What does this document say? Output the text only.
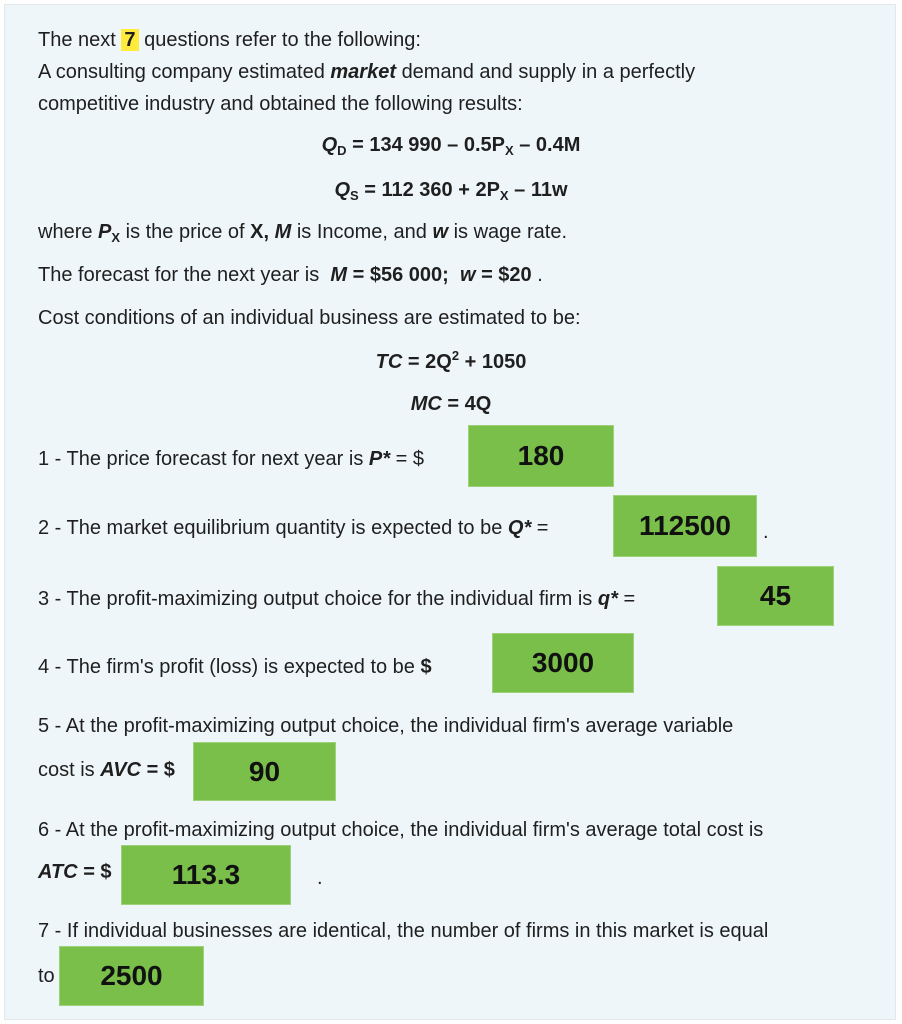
The next 7 questions refer to the following:
A consulting company estimated market demand and supply in a perfectly
competitive industry and obtained the following results:
$Q_D = 134$ $990 - 0.5P_X - 0.4M$
$Q_S = 112$ $360 + 2P_X - 11w$
where $P_X$ is the price of X, M is Income, and w is wage rate.
The forecast for the next year is M = $56 000; w = $20 .
Cost conditions of an individual business are estimated to be:
TC = $2Q^2 + 1050$
MC = 4Q
1 - The price forecast for next year is P* = $	180
2 - The market equilibrium quantity is expected to be Q* =	112500	.
3 - The profit-maximizing output choice for the individual firm is q* =	45
4 - The firm's profit (loss) is expected to be $	3000
5 - At the profit-maximizing output choice, the individual firm's average variable
cost is AVC = $	90
6 - At the profit-maximizing output choice, the individual firm's average total cost is
ATC = $	113.3	.
7 - If individual businesses are identical, the number of firms in this market is equal
to	2500
